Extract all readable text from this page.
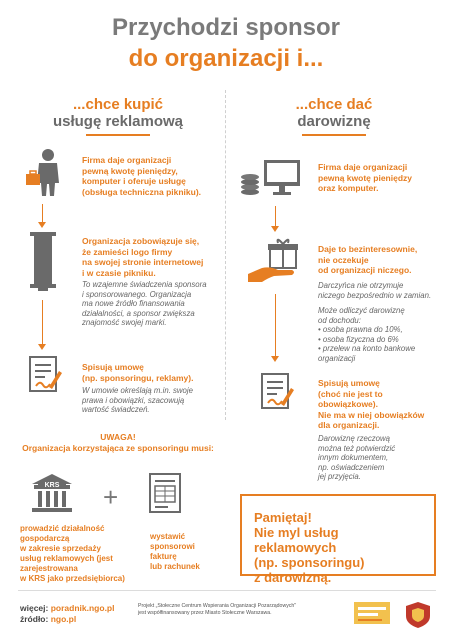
Przychodzi sponsor
do organizacji i...
...chce kupić
usługę reklamową
Firma daje organizacji
pewną kwotę pieniędzy,
komputer i oferuje usługę
(obsługa techniczna pikniku).
Organizacja zobowiązuje się,
że zamieści logo firmy
na swojej stronie internetowej
i w czasie pikniku.
To wzajemne świadczenia sponsora
i sponsorowanego. Organizacja
ma nowe źródło finansowania
działalności, a sponsor zwiększa
znajomość swojej marki.
Spisują umowę
(np. sponsoringu, reklamy).
W umowie określają m.in. swoje
prawa i obowiązki, szacowują
wartość świadczeń.
...chce dać
darowiznę
Firma daje organizacji
pewną kwotę pieniędzy
oraz komputer.
Daje to bezinteresownie,
nie oczekuje
od organizacji niczego.
Darczyńca nie otrzymuje
niczego bezpośrednio w zamian.
Może odliczyć darowiznę
od dochodu:
• osoba prawna do 10%,
• osoba fizyczna do 6%
• przelew na konto bankowe
organizacji
Spisują umowę
(choć nie jest to
obowiązkowe).
Nie ma w niej obowiązków
dla organizacji.
Darowiznę rzeczową
można też potwierdzić
innym dokumentem,
np. oświadczeniem
jej przyjęcia.
UWAGA!
Organizacja korzystająca ze sponsoringu musi:
KRS +
prowadzić działalność
gospodarczą
w zakresie sprzedaży
usług reklamowych (jest
zarejestrowana
w KRS jako przedsiębiorca)
wystawić
sponsorowi
fakturę
lub rachunek
Pamiętaj!
Nie myl usług reklamowych
(np. sponsoringu)
z darowizną.
więcej: poradnik.ngo.pl
źródło: ngo.pl
Projekt „Stołeczne Centrum Wspierania Organizacji Pozarządowych"
jest współfinansowany przez Miasto Stołeczne Warszawa.
